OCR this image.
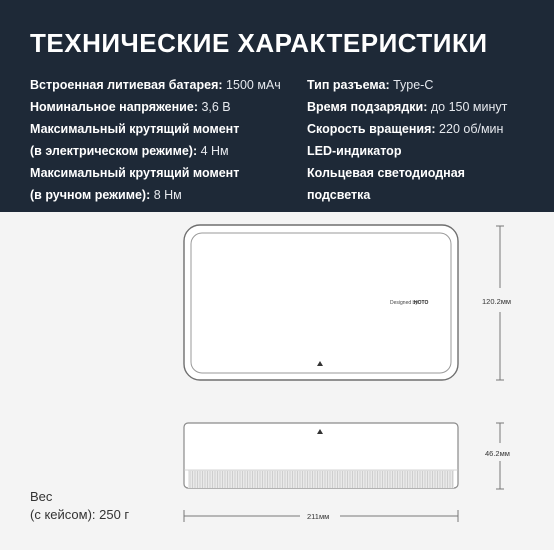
ТЕХНИЧЕСКИЕ ХАРАКТЕРИСТИКИ
Встроенная литиевая батарея: 1500 мАч
Номинальное напряжение: 3,6 В
Максимальный крутящий момент
(в электрическом режиме): 4 Нм
Максимальный крутящий момент
(в ручном режиме): 8 Нм
Тип разъема: Type-C
Время подзарядки: до 150 минут
Скорость вращения: 220 об/мин
LED-индикатор
Кольцевая светодиодная
подсветка
Designed by
HOTO	120.2мм
46.2мм
211мм
Вес
(с кейсом): 250 г
